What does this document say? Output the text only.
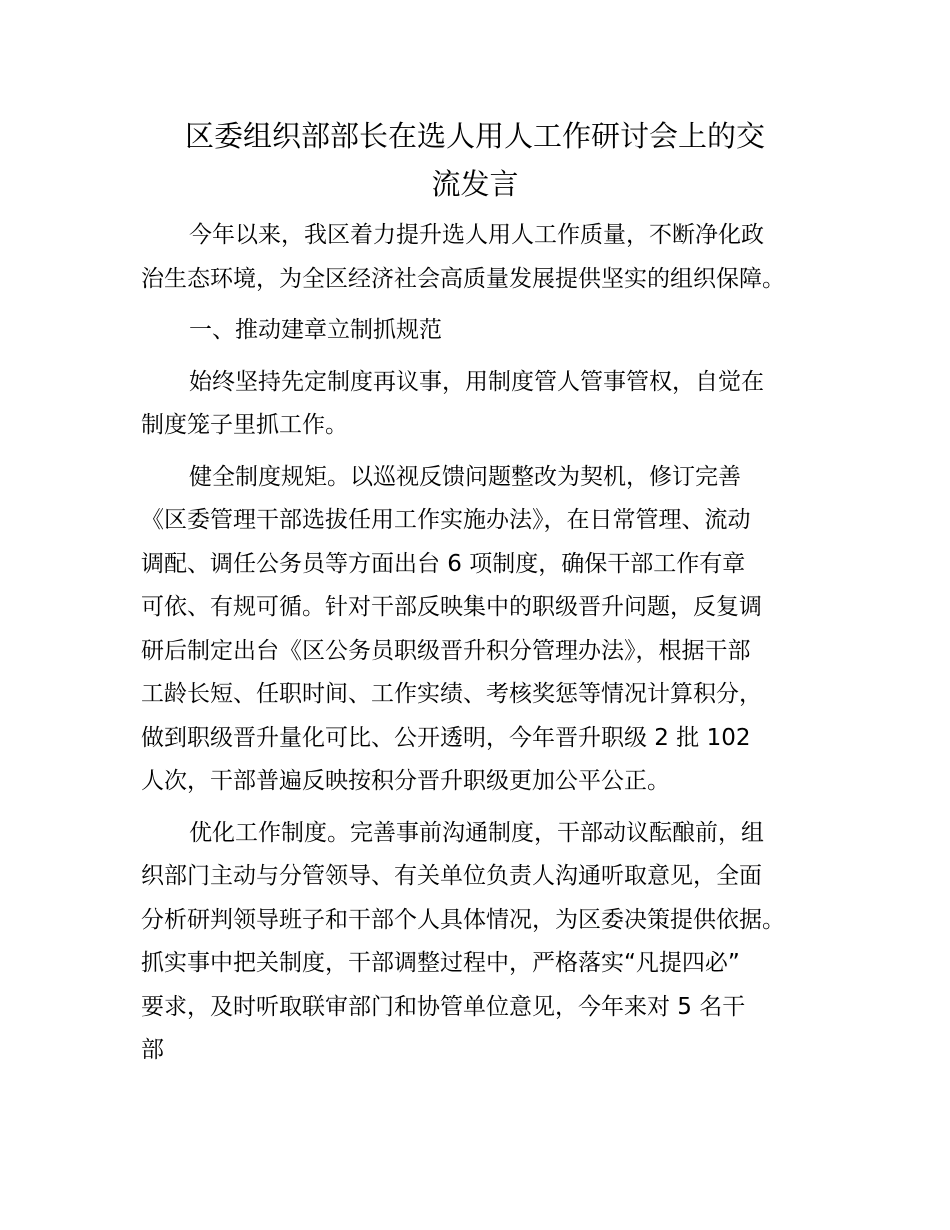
区委组织部部长在选人用人工作研讨会上的交
流发言

今年以来，我区着力提升选人用人工作质量，不断净化政
治生态环境，为全区经济社会高质量发展提供坚实的组织保障。

一、推动建章立制抓规范

始终坚持先定制度再议事，用制度管人管事管权，自觉在
制度笼子里抓工作。

健全制度规矩。以巡视反馈问题整改为契机，修订完善
《区委管理干部选拔任用工作实施办法》，在日常管理、流动
调配、调任公务员等方面出台 6 项制度，确保干部工作有章
可依、有规可循。针对干部反映集中的职级晋升问题，反复调
研后制定出台《区公务员职级晋升积分管理办法》，根据干部
工龄长短、任职时间、工作实绩、考核奖惩等情况计算积分，
做到职级晋升量化可比、公开透明，今年晋升职级 2 批 102
人次，干部普遍反映按积分晋升职级更加公平公正。

优化工作制度。完善事前沟通制度，干部动议酝酿前，组
织部门主动与分管领导、有关单位负责人沟通听取意见，全面
分析研判领导班子和干部个人具体情况，为区委决策提供依据。
抓实事中把关制度，干部调整过程中，严格落实“凡提四必”
要求，及时听取联审部门和协管单位意见，今年来对 5 名干
部
